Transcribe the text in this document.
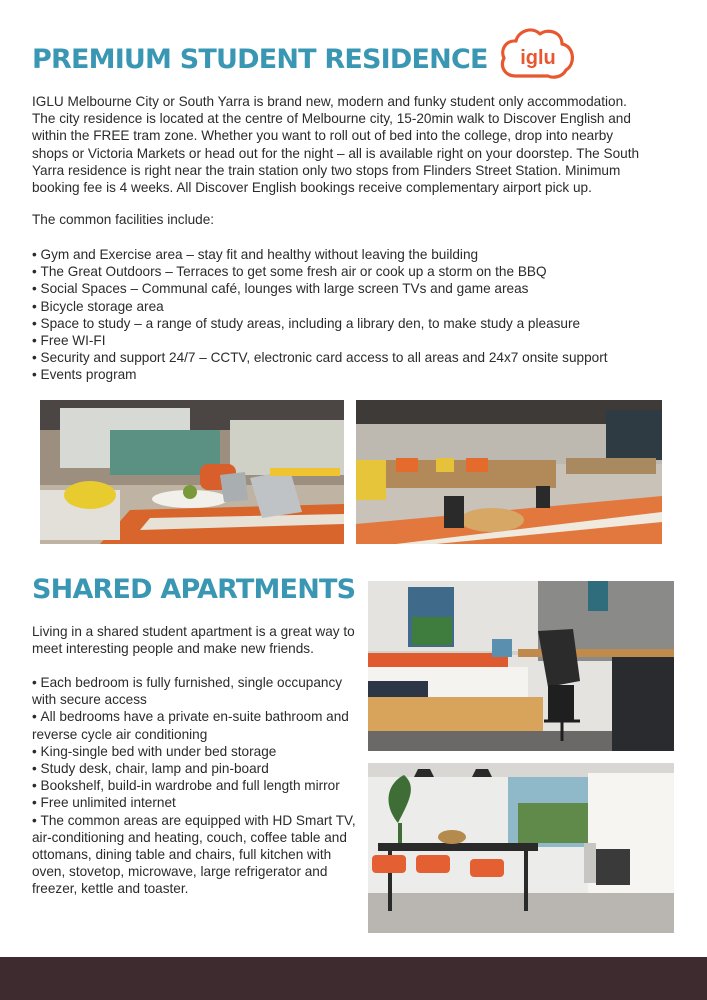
PREMIUM STUDENT RESIDENCE iglu

IGLU Melbourne City or South Yarra is brand new, modern and funky student only accommodation. The city residence is located at the centre of Melbourne city, 15-20min walk to Discover English and within the FREE tram zone. Whether you want to roll out of bed into the college, drop into nearby shops or Victoria Markets or head out for the night – all is available right on your doorstep. The South Yarra residence is right near the train station only two stops from Flinders Street Station. Minimum booking fee is 4 weeks. All Discover English bookings receive complementary airport pick up.

The common facilities include:

• Gym and Exercise area – stay fit and healthy without leaving the building
• The Great Outdoors – Terraces to get some fresh air or cook up a storm on the BBQ
• Social Spaces – Communal café, lounges with large screen TVs and game areas
• Bicycle storage area
• Space to study – a range of study areas, including a library den, to make study a pleasure
• Free WI-FI
• Security and support 24/7 – CCTV, electronic card access to all areas and 24x7 onsite support
• Events program
SHARED APARTMENTS

Living in a shared student apartment is a great way to meet interesting people and make new friends.

• Each bedroom is fully furnished, single occupancy with secure access
• All bedrooms have a private en-suite bathroom and reverse cycle air conditioning
• King-single bed with under bed storage
• Study desk, chair, lamp and pin-board
• Bookshelf, build-in wardrobe and full length mirror
• Free unlimited internet
• The common areas are equipped with HD Smart TV, air-conditioning and heating, couch, coffee table and ottomans, dining table and chairs, full kitchen with oven, stovetop, microwave, large refrigerator and freezer, kettle and toaster.
